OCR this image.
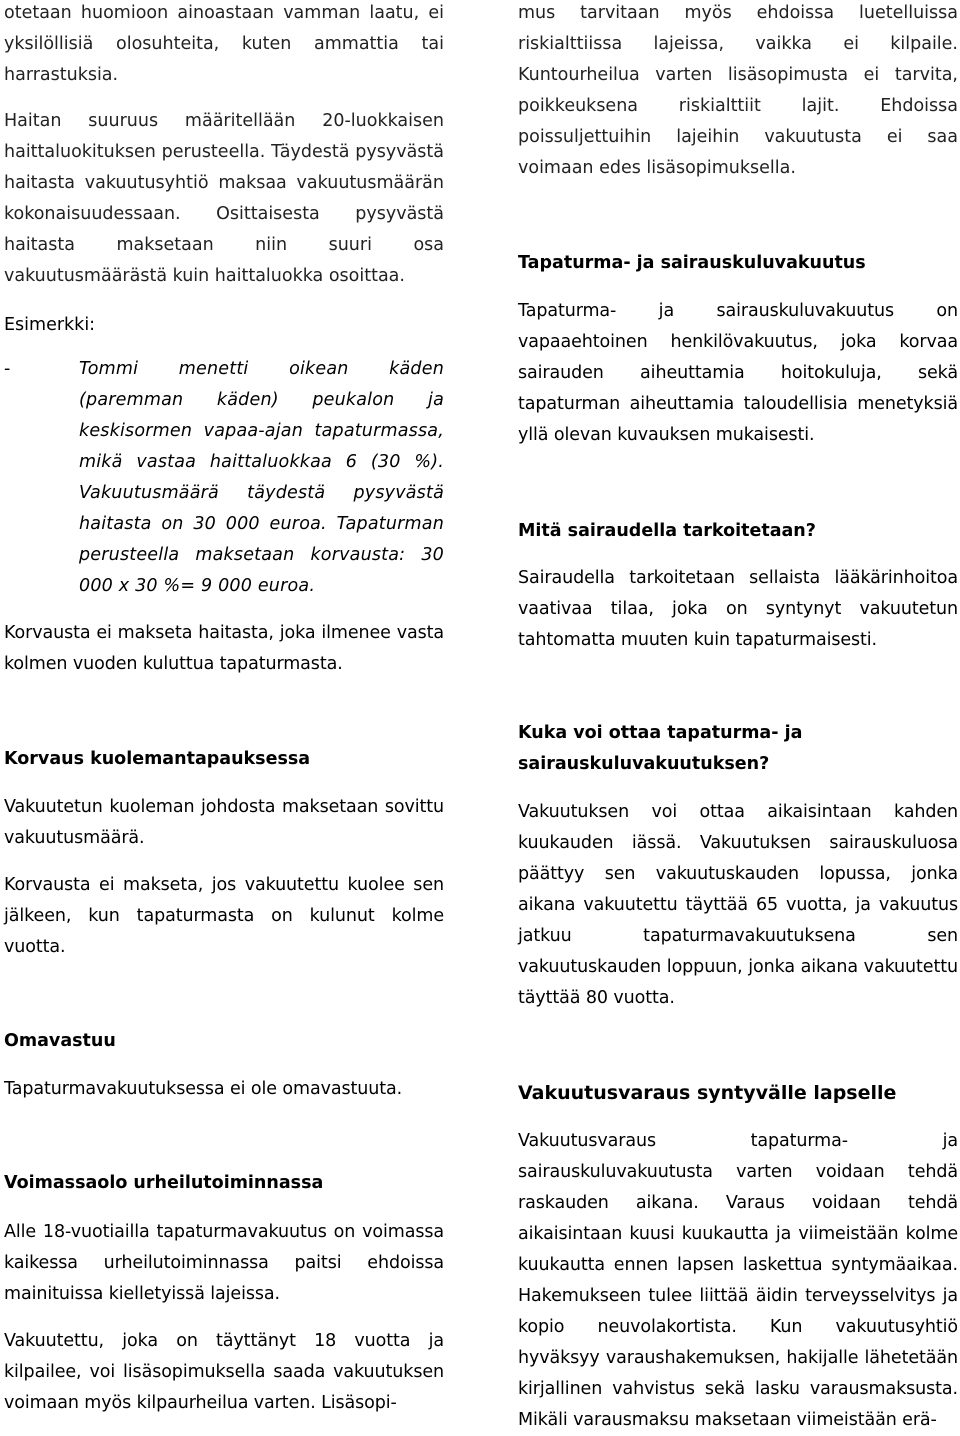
otetaan huomioon ainoastaan vamman laatu, ei yksilöllisiä olosuhteita, kuten ammattia tai harrastuksia.

Haitan suuruus määritellään 20-luokkaisen haittaluokituksen perusteella. Täydestä pysyvästä haitasta vakuutusyhtiö maksaa vakuutusmäärän kokonaisuudessaan. Osittaisesta pysyvästä haitasta maksetaan niin suuri osa vakuutusmäärästä kuin haittaluokka osoittaa.

Esimerkki:

-	Tommi menetti oikean käden (paremman käden) peukalon ja keskisormen vapaa-ajan tapaturmassa, mikä vastaa haittaluokkaa 6 (30 %). Vakuutusmäärä täydestä pysyvästä haitasta on 30 000 euroa. Tapaturman perusteella maksetaan korvausta: 30 000 x 30 %= 9 000 euroa.

Korvausta ei makseta haitasta, joka ilmenee vasta kolmen vuoden kuluttua tapaturmasta.

Korvaus kuolemantapauksessa

Vakuutetun kuoleman johdosta maksetaan sovittu vakuutusmäärä.

Korvausta ei makseta, jos vakuutettu kuolee sen jälkeen, kun tapaturmasta on kulunut kolme vuotta.

Omavastuu

Tapaturmavakuutuksessa ei ole omavastuuta.

Voimassaolo urheilutoiminnassa

Alle 18-vuotiailla tapaturmavakuutus on voimassa kaikessa urheilutoiminnassa paitsi ehdoissa mainituissa kielletyissä lajeissa.

Vakuutettu, joka on täyttänyt 18 vuotta ja kilpailee, voi lisäsopimuksella saada vakuutuksen voimaan myös kilpaurheilua varten. Lisäsopi-

mus tarvitaan myös ehdoissa luetelluissa riskialttiissa lajeissa, vaikka ei kilpaile. Kuntourheilua varten lisäsopimusta ei tarvita, poikkeuksena riskialttiit lajit. Ehdoissa poissuljettuihin lajeihin vakuutusta ei saa voimaan edes lisäsopimuksella.

Tapaturma- ja sairauskuluvakuutus

Tapaturma- ja sairauskuluvakuutus on vapaaehtoinen henkilövakuutus, joka korvaa sairauden aiheuttamia hoitokuluja, sekä tapaturman aiheuttamia taloudellisia menetyksiä yllä olevan kuvauksen mukaisesti.

Mitä sairaudella tarkoitetaan?

Sairaudella tarkoitetaan sellaista lääkärinhoitoa vaativaa tilaa, joka on syntynyt vakuutetun tahtomatta muuten kuin tapaturmaisesti.

Kuka voi ottaa tapaturma- ja sairauskuluvakuutuksen?

Vakuutuksen voi ottaa aikaisintaan kahden kuukauden iässä. Vakuutuksen sairauskuluosa päättyy sen vakuutuskauden lopussa, jonka aikana vakuutettu täyttää 65 vuotta, ja vakuutus jatkuu tapaturmavakuutuksena sen vakuutuskauden loppuun, jonka aikana vakuutettu täyttää 80 vuotta.

Vakuutusvaraus syntyvälle lapselle

Vakuutusvaraus tapaturma- ja sairauskuluvakuutusta varten voidaan tehdä raskauden aikana. Varaus voidaan tehdä aikaisintaan kuusi kuukautta ja viimeistään kolme kuukautta ennen lapsen laskettua syntymäaikaa. Hakemukseen tulee liittää äidin terveysselvitys ja kopio neuvolakortista. Kun vakuutusyhtiö hyväksyy varaushakemuksen, hakijalle lähetetään kirjallinen vahvistus sekä lasku varausmaksusta. Mikäli varausmaksu maksetaan viimeistään erä-
